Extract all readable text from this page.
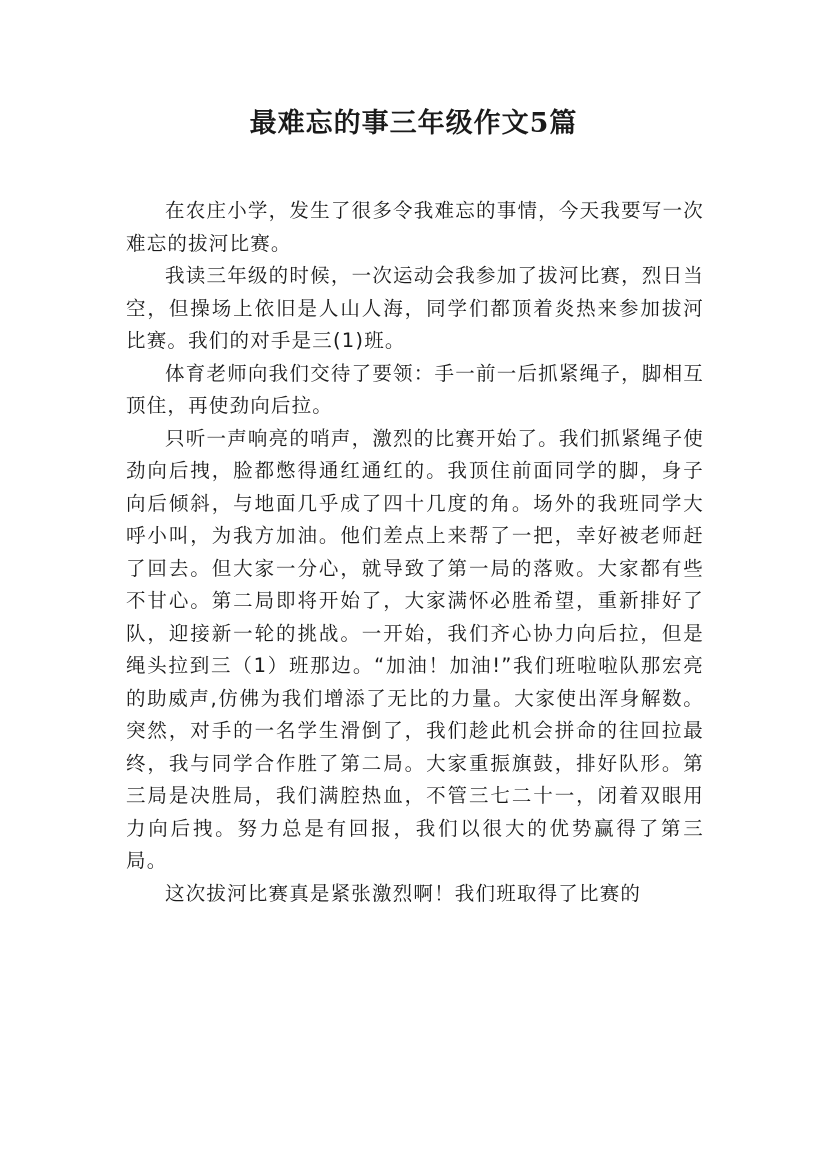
最难忘的事三年级作文5篇

在农庄小学，发生了很多令我难忘的事情，今天我要写一次难忘的拔河比赛。

我读三年级的时候，一次运动会我参加了拔河比赛，烈日当空，但操场上依旧是人山人海，同学们都顶着炎热来参加拔河比赛。我们的对手是三(1)班。

体育老师向我们交待了要领：手一前一后抓紧绳子，脚相互顶住，再使劲向后拉。

只听一声响亮的哨声，激烈的比赛开始了。我们抓紧绳子使劲向后拽，脸都憋得通红通红的。我顶住前面同学的脚，身子向后倾斜，与地面几乎成了四十几度的角。场外的我班同学大呼小叫，为我方加油。他们差点上来帮了一把，幸好被老师赶了回去。但大家一分心，就导致了第一局的落败。大家都有些不甘心。第二局即将开始了，大家满怀必胜希望，重新排好了队，迎接新一轮的挑战。一开始，我们齐心协力向后拉，但是绳头拉到三（1）班那边。“加油！加油!”我们班啦啦队那宏亮的助威声,仿佛为我们增添了无比的力量。大家使出浑身解数。突然，对手的一名学生滑倒了，我们趁此机会拼命的往回拉最终，我与同学合作胜了第二局。大家重振旗鼓，排好队形。第三局是决胜局，我们满腔热血，不管三七二十一，闭着双眼用力向后拽。努力总是有回报，我们以很大的优势赢得了第三局。

这次拔河比赛真是紧张激烈啊！我们班取得了比赛的
